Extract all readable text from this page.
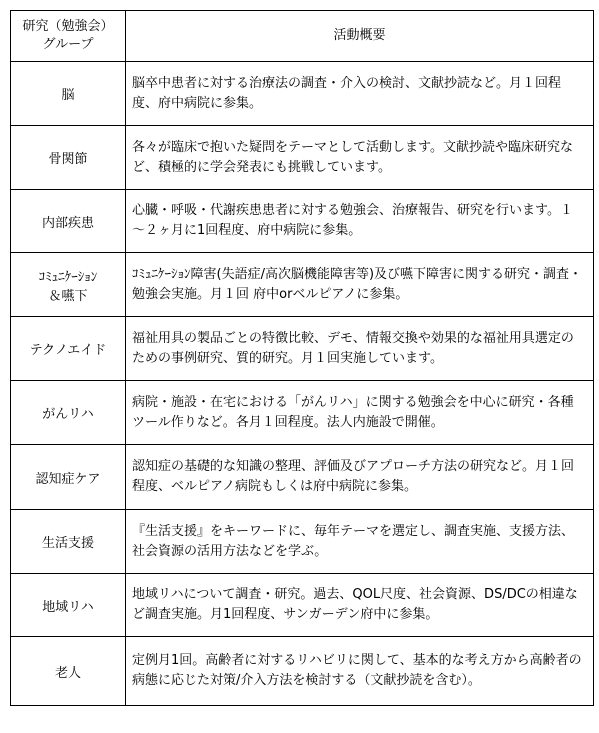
研究（勉強会）
グループ	活動概要
脳	脳卒中患者に対する治療法の調査・介入の検討、文献抄読など。月１回程度、府中病院に参集。
骨関節	各々が臨床で抱いた疑問をテーマとして活動します。文献抄読や臨床研究など、積極的に学会発表にも挑戦しています。
内部疾患	心臓・呼吸・代謝疾患患者に対する勉強会、治療報告、研究を行います。１～２ヶ月に1回程度、府中病院に参集。
ｺﾐｭﾆｹｰｼｮﾝ
＆嚥下	ｺﾐｭﾆｹｰｼｮﾝ障害(失語症/高次脳機能障害等)及び嚥下障害に関する研究・調査・勉強会実施。月１回 府中orベルピアノに参集。
テクノエイド	福祉用具の製品ごとの特徴比較、デモ、情報交換や効果的な福祉用具選定のための事例研究、質的研究。月１回実施しています。
がんリハ	病院・施設・在宅における「がんリハ」に関する勉強会を中心に研究・各種ツール作りなど。各月１回程度。法人内施設で開催。
認知症ケア	認知症の基礎的な知識の整理、評価及びアプローチ方法の研究など。月１回程度、ベルピアノ病院もしくは府中病院に参集。
生活支援	『生活支援』をキーワードに、毎年テーマを選定し、調査実施、支援方法、社会資源の活用方法などを学ぶ。
地域リハ	地域リハについて調査・研究。過去、QOL尺度、社会資源、DS/DCの相違など調査実施。月1回程度、サンガーデン府中に参集。
老人	定例月1回。高齢者に対するリハビリに関して、基本的な考え方から高齢者の病態に応じた対策/介入方法を検討する（文献抄読を含む）。
